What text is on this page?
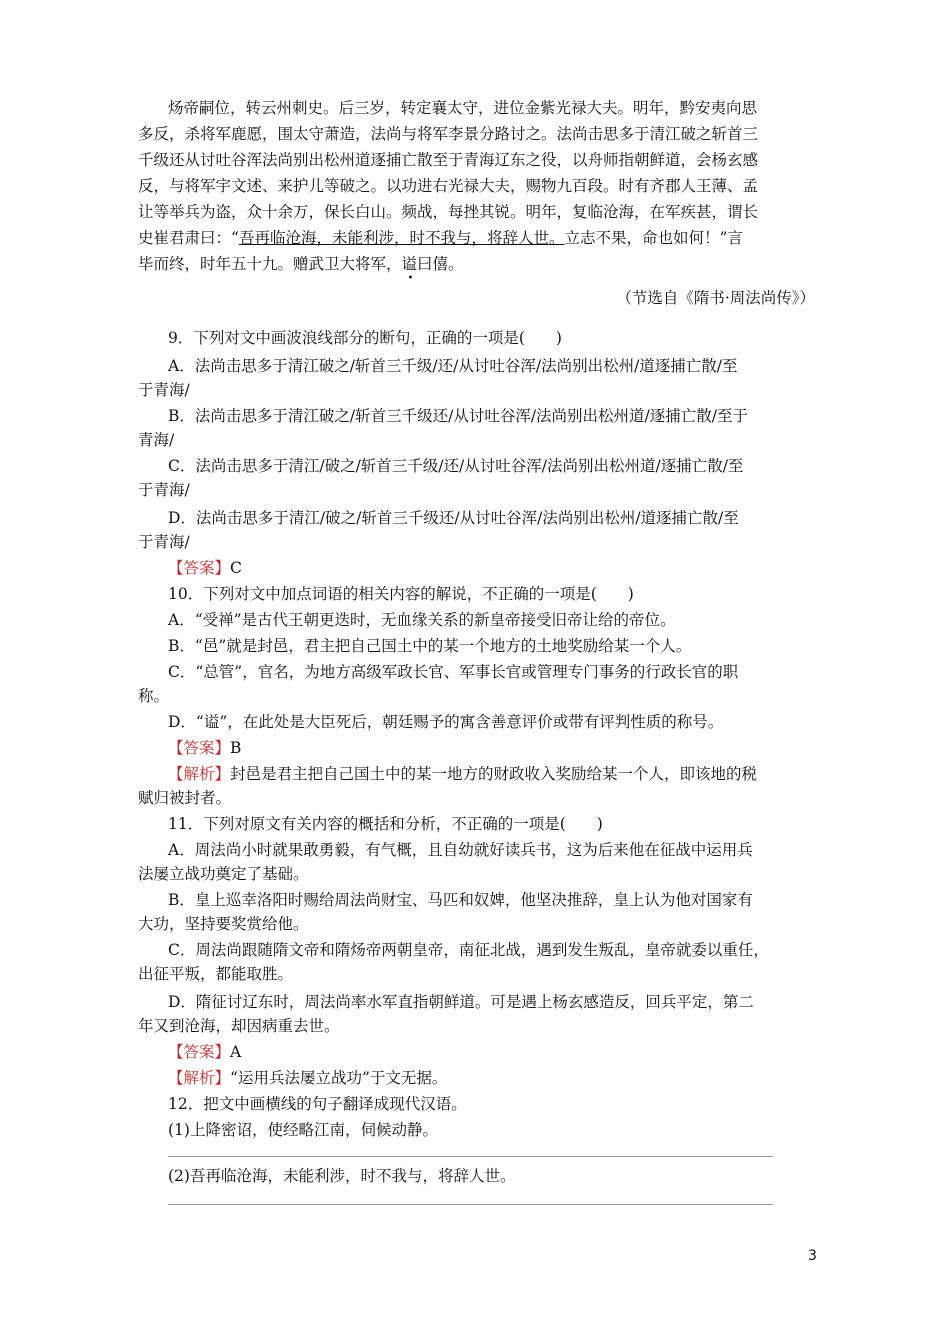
炀帝嗣位，转云州刺史。后三岁，转定襄太守，进位金紫光禄大夫。明年，黔安夷向思
多反，杀将军鹿愿，围太守萧造，法尚与将军李景分路讨之。法尚击思多于清江破之斩首三
千级还从讨吐谷浑法尚别出松州道逐捕亡散至于青海辽东之役，以舟师指朝鲜道，会杨玄感
反，与将军宇文述、来护儿等破之。以功进右光禄大夫，赐物九百段。时有齐郡人王薄、孟
让等举兵为盗，众十余万，保长白山。频战，每挫其锐。明年，复临沧海，在军疾甚，谓长
史崔君肃曰：“吾再临沧海，未能利涉，时不我与，将辞人世。立志不果，命也如何！”言
毕而终，时年五十九。赠武卫大将军，谥曰僖。
（节选自《隋书·周法尚传》）
9．下列对文中画波浪线部分的断句，正确的一项是(　　)
A．法尚击思多于清江破之/斩首三千级/还/从讨吐谷浑/法尚别出松州/道逐捕亡散/至
于青海/
B．法尚击思多于清江破之/斩首三千级还/从讨吐谷浑/法尚别出松州道/逐捕亡散/至于
青海/
C．法尚击思多于清江/破之/斩首三千级/还/从讨吐谷浑/法尚别出松州道/逐捕亡散/至
于青海/
D．法尚击思多于清江/破之/斩首三千级还/从讨吐谷浑/法尚别出松州/道逐捕亡散/至
于青海/
【答案】C
10．下列对文中加点词语的相关内容的解说，不正确的一项是(　　)
A．“受禅”是古代王朝更迭时，无血缘关系的新皇帝接受旧帝让给的帝位。
B．“邑”就是封邑，君主把自己国土中的某一个地方的土地奖励给某一个人。
C．“总管”，官名，为地方高级军政长官、军事长官或管理专门事务的行政长官的职
称。
D．“谥”，在此处是大臣死后，朝廷赐予的寓含善意评价或带有评判性质的称号。
【答案】B
【解析】封邑是君主把自己国土中的某一地方的财政收入奖励给某一个人，即该地的税
赋归被封者。
11．下列对原文有关内容的概括和分析，不正确的一项是(　　)
A．周法尚小时就果敢勇毅，有气概，且自幼就好读兵书，这为后来他在征战中运用兵
法屡立战功奠定了基础。
B．皇上巡幸洛阳时赐给周法尚财宝、马匹和奴婢，他坚决推辞，皇上认为他对国家有
大功，坚持要奖赏给他。
C．周法尚跟随隋文帝和隋炀帝两朝皇帝，南征北战，遇到发生叛乱，皇帝就委以重任，
出征平叛，都能取胜。
D．隋征讨辽东时，周法尚率水军直指朝鲜道。可是遇上杨玄感造反，回兵平定，第二
年又到沧海，却因病重去世。
【答案】A
【解析】“运用兵法屡立战功”于文无据。
12．把文中画横线的句子翻译成现代汉语。
(1)上降密诏，使经略江南，伺候动静。
(2)吾再临沧海，未能利涉，时不我与，将辞人世。
3
